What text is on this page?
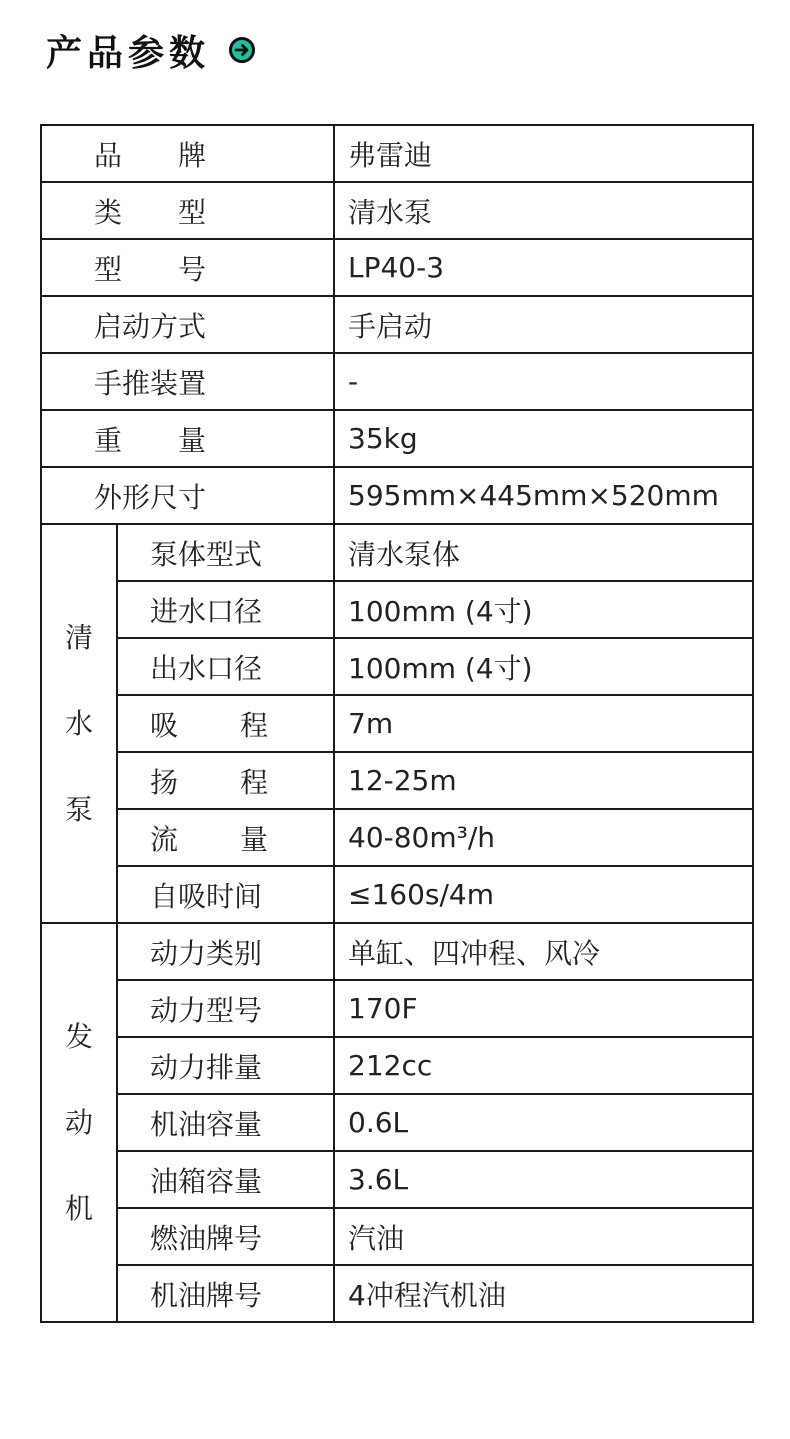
产品参数
品 牌		弗雷迪

类 型		清水泵

型 号		LP40-3
启动方式		手启动
手推装置		-

重 量		35kg
外形尺寸		595mm×445mm×520mm

清
水
泵	泵体型式	清水泵体
	进水口径	100mm (4寸)
	出水口径	100mm (4寸)

	吸 程	7m

	扬 程	12-25m

	流 量	40-80m³/h
	自吸时间	≤160s/4m

发
动
机	动力类别	单缸、四冲程、风冷
	动力型号	170F
	动力排量	212cc
	机油容量	0.6L
	油箱容量	3.6L
	燃油牌号	汽油
	机油牌号	4冲程汽机油
